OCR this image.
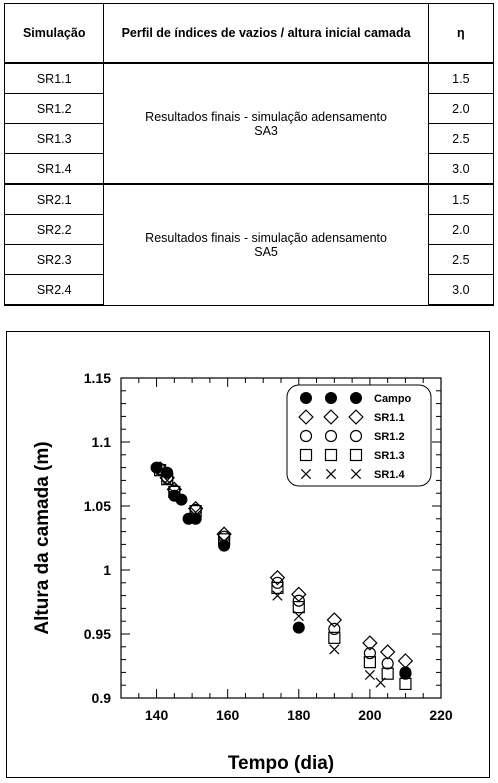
Simulação	Perfil de índices de vazios / altura inicial camada	η
SR1.1	Resultados finais - simulação adensamento SA3	1.5
SR1.2		2.0
SR1.3		2.5
SR1.4		3.0
SR2.1	Resultados finais - simulação adensamento SA5	1.5
SR2.2		2.0
SR2.3		2.5
SR2.4		3.0
140	160	180	200	220
0.9
0.95
1
1.05
1.1
1.15
Tempo (dia)
Altura da camada (m)
Campo
SR1.1
SR1.2
SR1.3
SR1.4
